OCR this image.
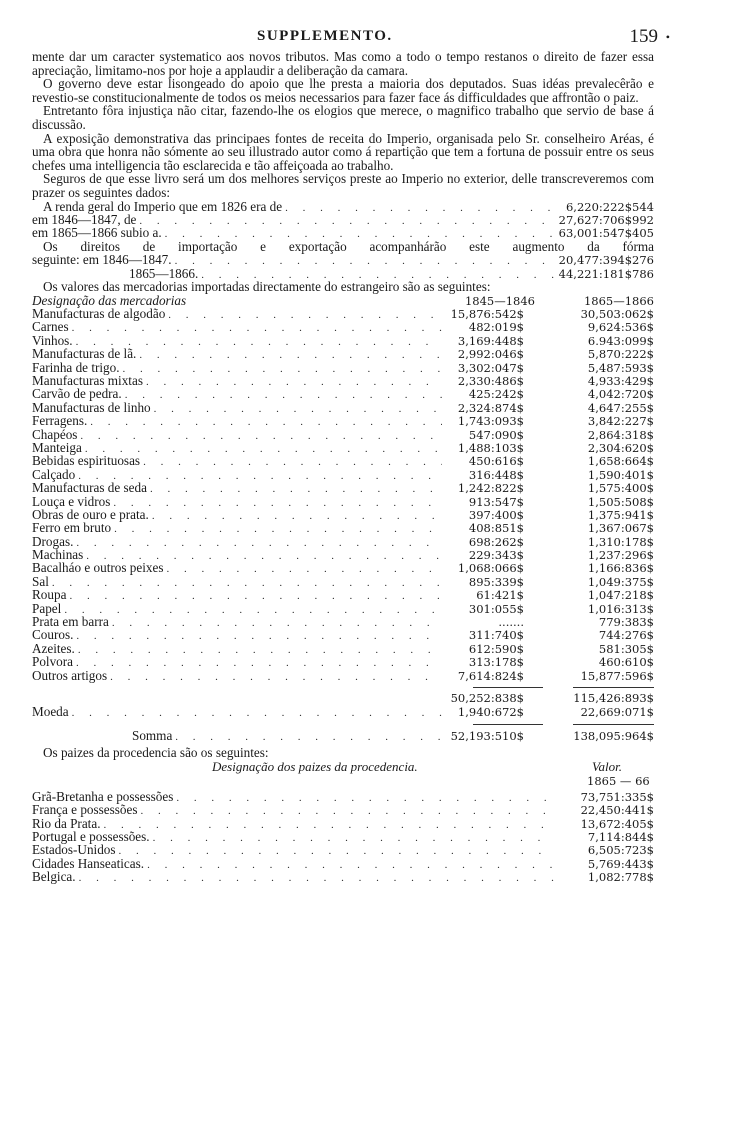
SUPPLEMENTO.	159 •

mente dar um caracter systematico aos novos tributos. Mas como a todo o tempo restanos o direito de fazer essa apreciação, limitamo-nos por hoje a applaudir a deliberação da camara.

O governo deve estar lisongeado do apoio que lhe presta a maioria dos deputados. Suas idéas prevalecêrão e revestio-se constitucionalmente de todos os meios necessarios para fazer face ás difficuldades que affrontão o paiz.

Entretanto fôra injustiça não citar, fazendo-lhe os elogios que merece, o magnifico trabalho que servio de base á discussão.

A exposição demonstrativa das principaes fontes de receita do Imperio, organisada pelo Sr. conselheiro Aréas, é uma obra que honra não sómente ao seu illustrado autor como á repartição que tem a fortuna de possuir entre os seus chefes uma intelligencia tão esclarecida e tão affeiçoada ao trabalho.

Seguros de que esse livro será um dos melhores serviços preste ao Imperio no exterior, delle transcreveremos com prazer os seguintes dados:

A renda geral do Imperio que em 1826 era de . . .	6,220:222$544
em 1846—1847, de . . .	27,627:706$992
em 1865—1866 subio a. . . .	63,001:547$405

Os direitos de importação e exportação acompanhárão este augmento da fórma

seguinte: em 1846—1847. . . .	20,477:394$276
1865—1866. . . .	44,221:181$786

Os valores das mercadorias importadas directamente do estrangeiro são as seguintes:

Designação das mercadorias	1845—1846	1865—1866
Manufacturas de algodão . . .	15,876:542$	30,503:062$
Carnes . . .	482:019$	9,624:536$
Vinhos. . . .	3,169:448$	6.943:099$
Manufacturas de lã. . . .	2,992:046$	5,870:222$
Farinha de trigo. . . .	3,302:047$	5,487:593$
Manufacturas mixtas . . .	2,330:486$	4,933:429$
Carvão de pedra. . . .	425:242$	4,042:720$
Manufacturas de linho . . .	2,324:874$	4,647:255$
Ferragens. . . .	1,743:093$	3,842:227$
Chapéos . . .	547:090$	2,864:318$
Manteiga . . .	1,488:103$	2,304:620$
Bebidas espirituosas . . .	450:616$	1,658:664$
Calçado . . .	316:448$	1,590:401$
Manufacturas de seda . . .	1,242:822$	1,575:400$
Louça e vidros . . .	913:547$	1,505:508$
Obras de ouro e prata. . . .	397:400$	1,375:941$
Ferro em bruto . . .	408:851$	1,367:067$
Drogas. . . .	698:262$	1,310:178$
Machinas . . .	229:343$	1,237:296$
Bacalháo e outros peixes . . .	1,068:066$	1,166:836$
Sal . . .	895:339$	1,049:375$
Roupa . . .	61:421$	1,047:218$
Papel . . .	301:055$	1,016:313$
Prata em barra . . .	.......	779:383$
Couros. . . .	311:740$	744:276$
Azeites. . . .	612:590$	581:305$
Polvora . . .	313:178$	460:610$
Outros artigos . . .	7,614:824$	15,877:596$
50,252:838$	115,426:893$
Moeda . . .	1,940:672$	22,669:071$
Somma . . .	52,193:510$	138,095:964$

Os paizes da procedencia são os seguintes:

Designação dos paizes da procedencia.	Valor.
1865 — 66
Grã-Bretanha e possessões . . .	73,751:335$
França e possessões . . .	22,450:441$
Rio da Prata. . . .	13,672:405$
Portugal e possessões. . . .	7,114:844$
Estados-Unidos . . .	6,505:723$
Cidades Hanseaticas. . . .	5,769:443$
Belgica. . . .	1,082:778$
